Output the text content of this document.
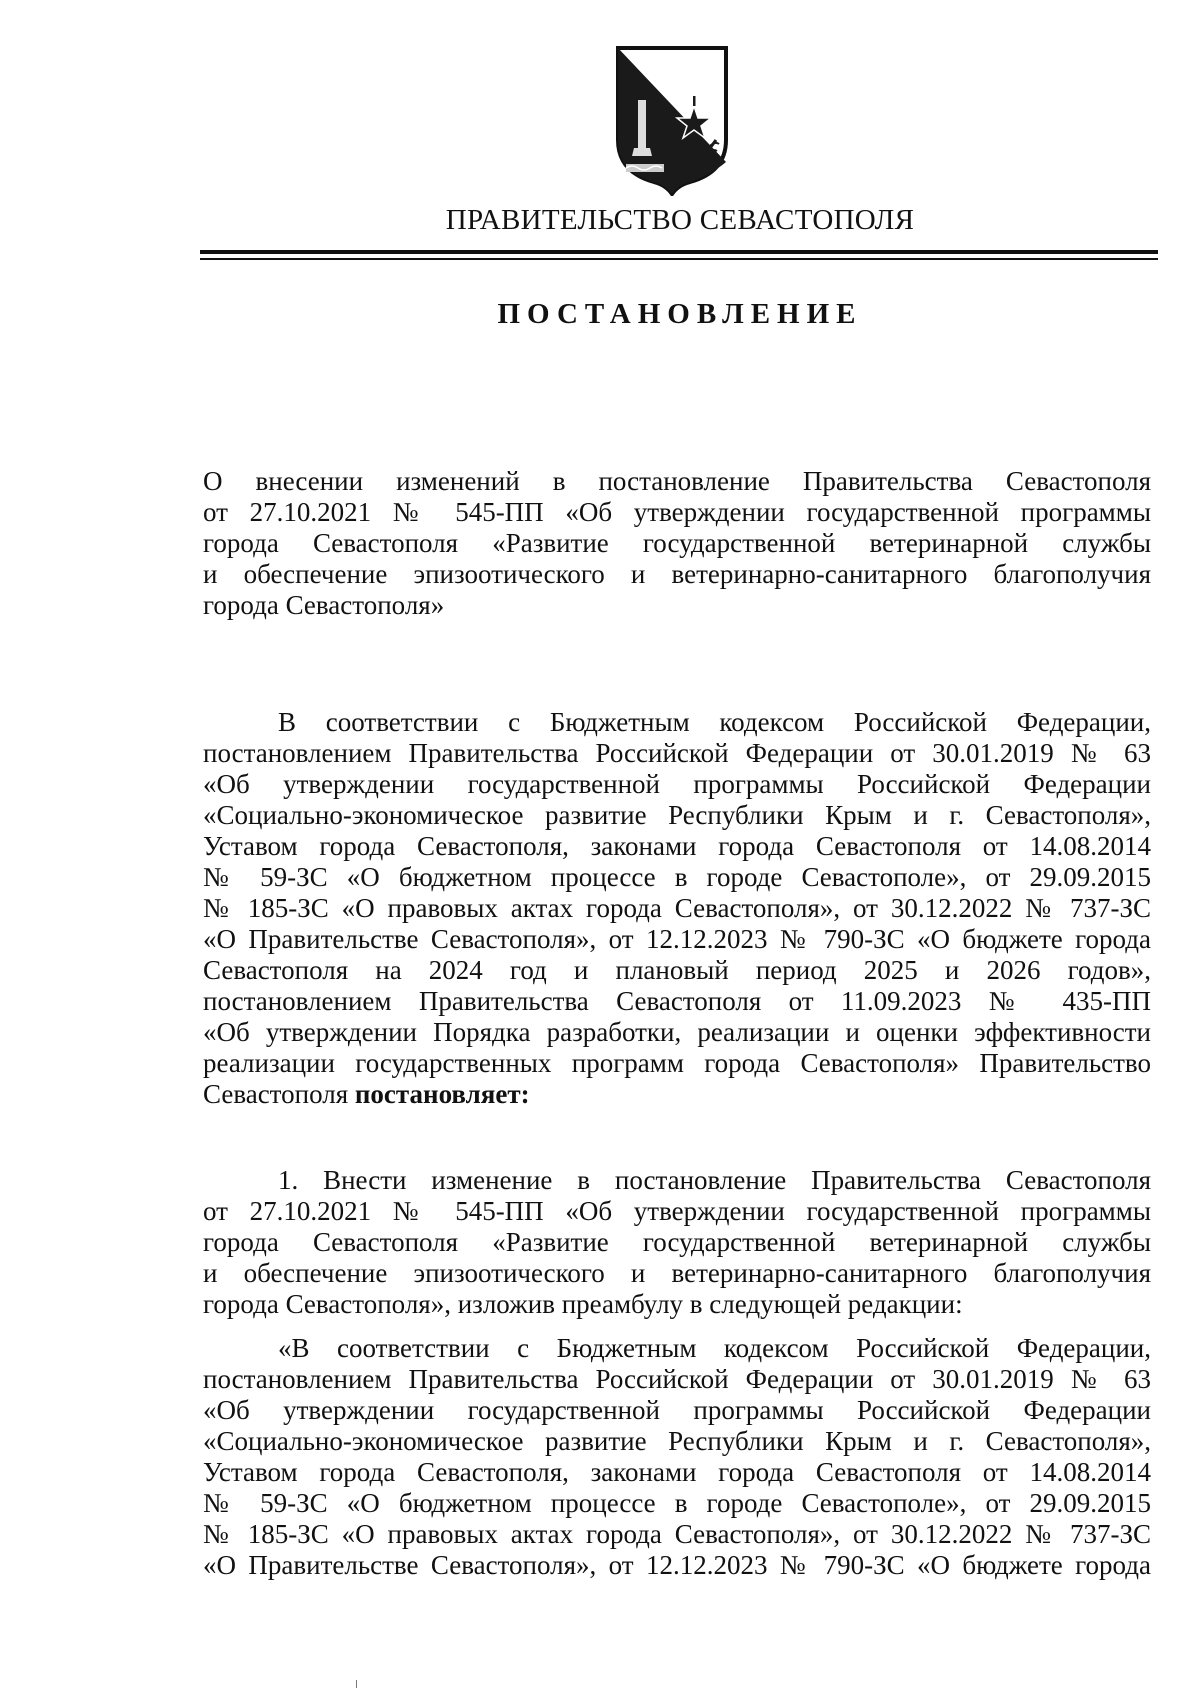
ПРАВИТЕЛЬСТВО СЕВАСТОПОЛЯ
ПОСТАНОВЛЕНИЕ
О внесении изменений в постановление Правительства Севастополя
от 27.10.2021 № 545-ПП «Об утверждении государственной программы
города Севастополя «Развитие государственной ветеринарной службы
и обеспечение эпизоотического и ветеринарно-санитарного благополучия
города Севастополя»
В соответствии с Бюджетным кодексом Российской Федерации,
постановлением Правительства Российской Федерации от 30.01.2019 № 63
«Об утверждении государственной программы Российской Федерации
«Социально-экономическое развитие Республики Крым и г. Севастополя»,
Уставом города Севастополя, законами города Севастополя от 14.08.2014
№ 59-ЗС «О бюджетном процессе в городе Севастополе», от 29.09.2015
№ 185-ЗС «О правовых актах города Севастополя», от 30.12.2022 № 737-ЗС
«О Правительстве Севастополя», от 12.12.2023 № 790-ЗС «О бюджете города
Севастополя на 2024 год и плановый период 2025 и 2026 годов»,
постановлением Правительства Севастополя от 11.09.2023 № 435-ПП
«Об утверждении Порядка разработки, реализации и оценки эффективности
реализации государственных программ города Севастополя» Правительство
Севастополя постановляет:
1. Внести изменение в постановление Правительства Севастополя
от 27.10.2021 № 545-ПП «Об утверждении государственной программы
города Севастополя «Развитие государственной ветеринарной службы
и обеспечение эпизоотического и ветеринарно-санитарного благополучия
города Севастополя», изложив преамбулу в следующей редакции:
«В соответствии с Бюджетным кодексом Российской Федерации,
постановлением Правительства Российской Федерации от 30.01.2019 № 63
«Об утверждении государственной программы Российской Федерации
«Социально-экономическое развитие Республики Крым и г. Севастополя»,
Уставом города Севастополя, законами города Севастополя от 14.08.2014
№ 59-ЗС «О бюджетном процессе в городе Севастополе», от 29.09.2015
№ 185-ЗС «О правовых актах города Севастополя», от 30.12.2022 № 737-ЗС
«О Правительстве Севастополя», от 12.12.2023 № 790-ЗС «О бюджете города
